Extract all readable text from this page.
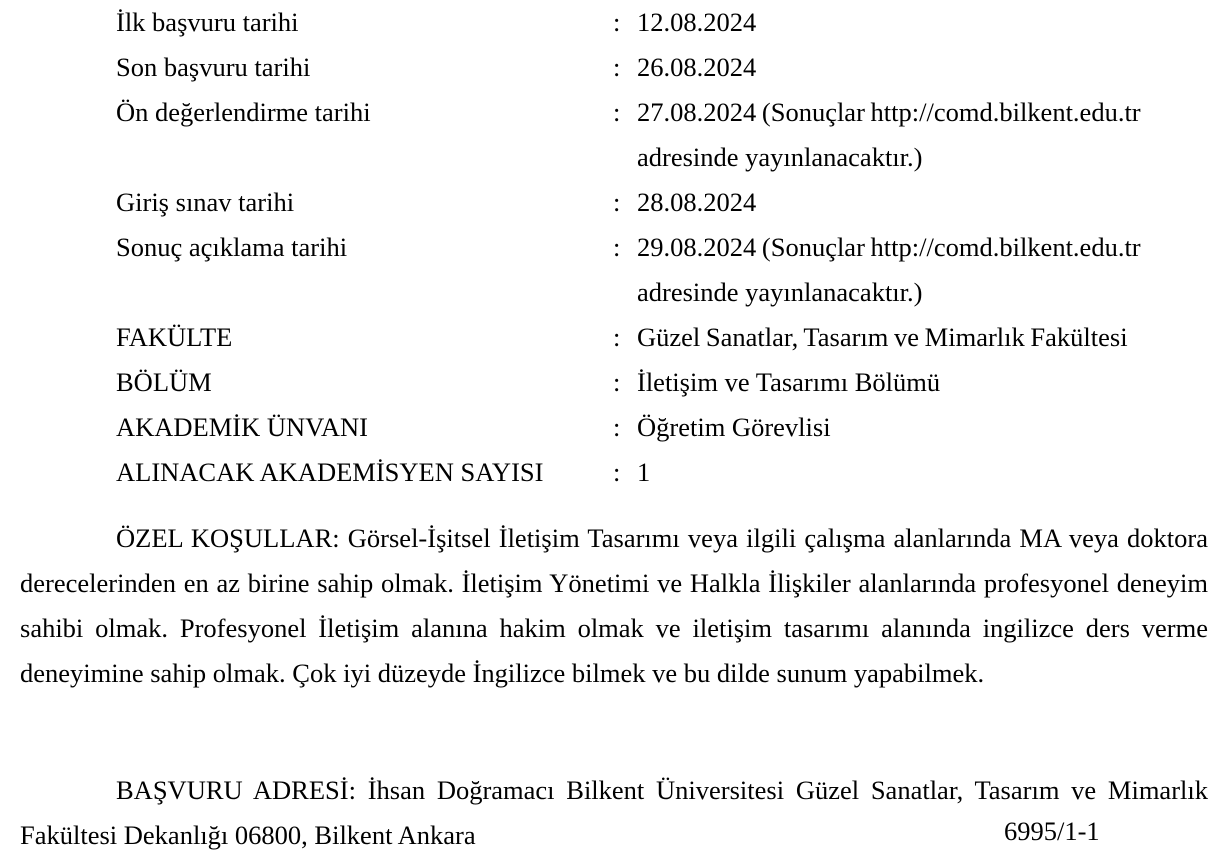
İlk başvuru tarihi	: 12.08.2024
Son başvuru tarihi	: 26.08.2024
Ön değerlendirme tarihi	: 27.08.2024 (Sonuçlar http://comd.bilkent.edu.tr
adresinde yayınlanacaktır.)
Giriş sınav tarihi	: 28.08.2024
Sonuç açıklama tarihi	: 29.08.2024 (Sonuçlar http://comd.bilkent.edu.tr
adresinde yayınlanacaktır.)
FAKÜLTE	: Güzel Sanatlar, Tasarım ve Mimarlık Fakültesi
BÖLÜM	: İletişim ve Tasarımı Bölümü
AKADEMİK ÜNVANI	: Öğretim Görevlisi
ALINACAK AKADEMİSYEN SAYISI	: 1

ÖZEL KOŞULLAR: Görsel-İşitsel İletişim Tasarımı veya ilgili çalışma alanlarında MA veya doktora derecelerinden en az birine sahip olmak. İletişim Yönetimi ve Halkla İlişkiler alanlarında profesyonel deneyim sahibi olmak. Profesyonel İletişim alanına hakim olmak ve iletişim tasarımı alanında ingilizce ders verme deneyimine sahip olmak. Çok iyi düzeyde İngilizce bilmek ve bu dilde sunum yapabilmek.

BAŞVURU ADRESİ: İhsan Doğramacı Bilkent Üniversitesi Güzel Sanatlar, Tasarım ve Mimarlık Fakültesi Dekanlığı 06800, Bilkent Ankara	6995/1-1
